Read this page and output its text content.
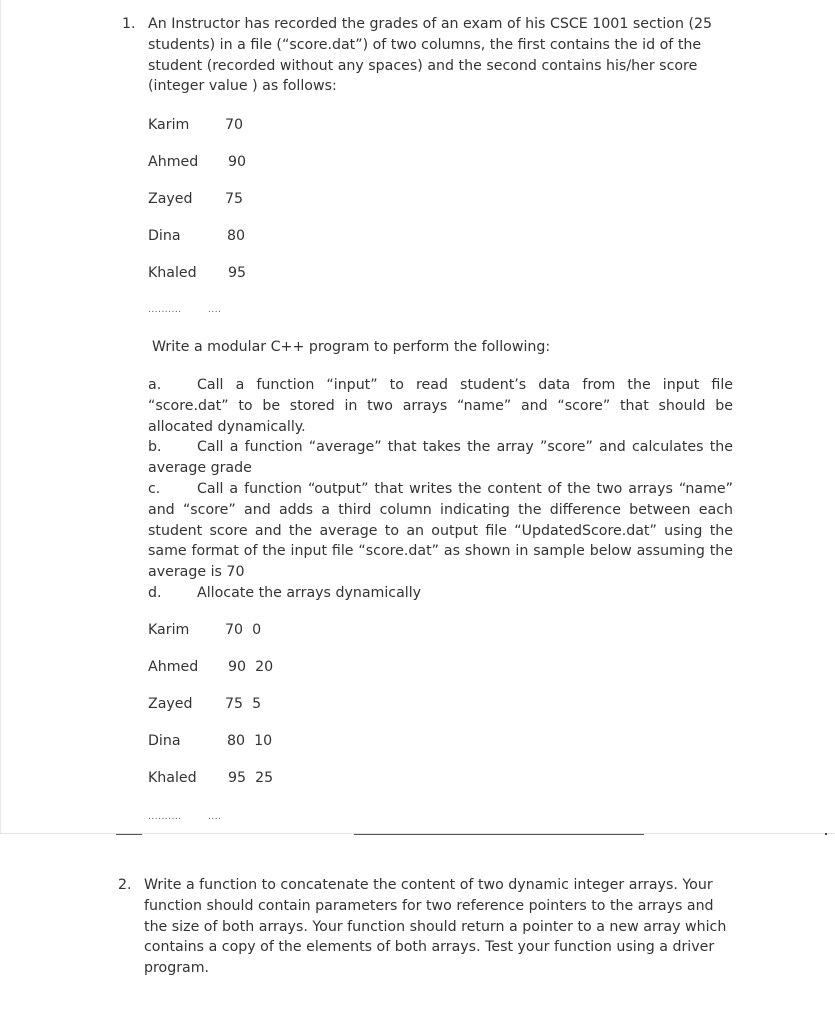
1. An Instructor has recorded the grades of an exam of his CSCE 1001 section (25 students) in a file (“score.dat”) of two columns, the first contains the id of the student (recorded without any spaces) and the second contains his/her score (integer value ) as follows:
Karim	70
Ahmed 90
Zayed 75
Dina	80
Khaled 95
..........	....
Write a modular C++ program to perform the following:
a.	Call a function “input” to read student’s data from the input file “score.dat” to be stored in two arrays “name” and “score” that should be allocated dynamically.
b. Call a function “average” that takes the array ”score” and calculates the average grade
c.	Call a function “output” that writes the content of the two arrays “name” and “score” and adds a third column indicating the difference between each student score and the average to an output file “UpdatedScore.dat” using the same format of the input file “score.dat” as shown in sample below assuming the average is 70
d. Allocate the arrays dynamically
Karim	70  0
Ahmed 90  20
Zayed 75  5
Dina	80  10
Khaled 95  25
..........	....
2. Write a function to concatenate the content of two dynamic integer arrays. Your function should contain parameters for two reference pointers to the arrays and the size of both arrays. Your function should return a pointer to a new array which contains a copy of the elements of both arrays. Test your function using a driver program.
